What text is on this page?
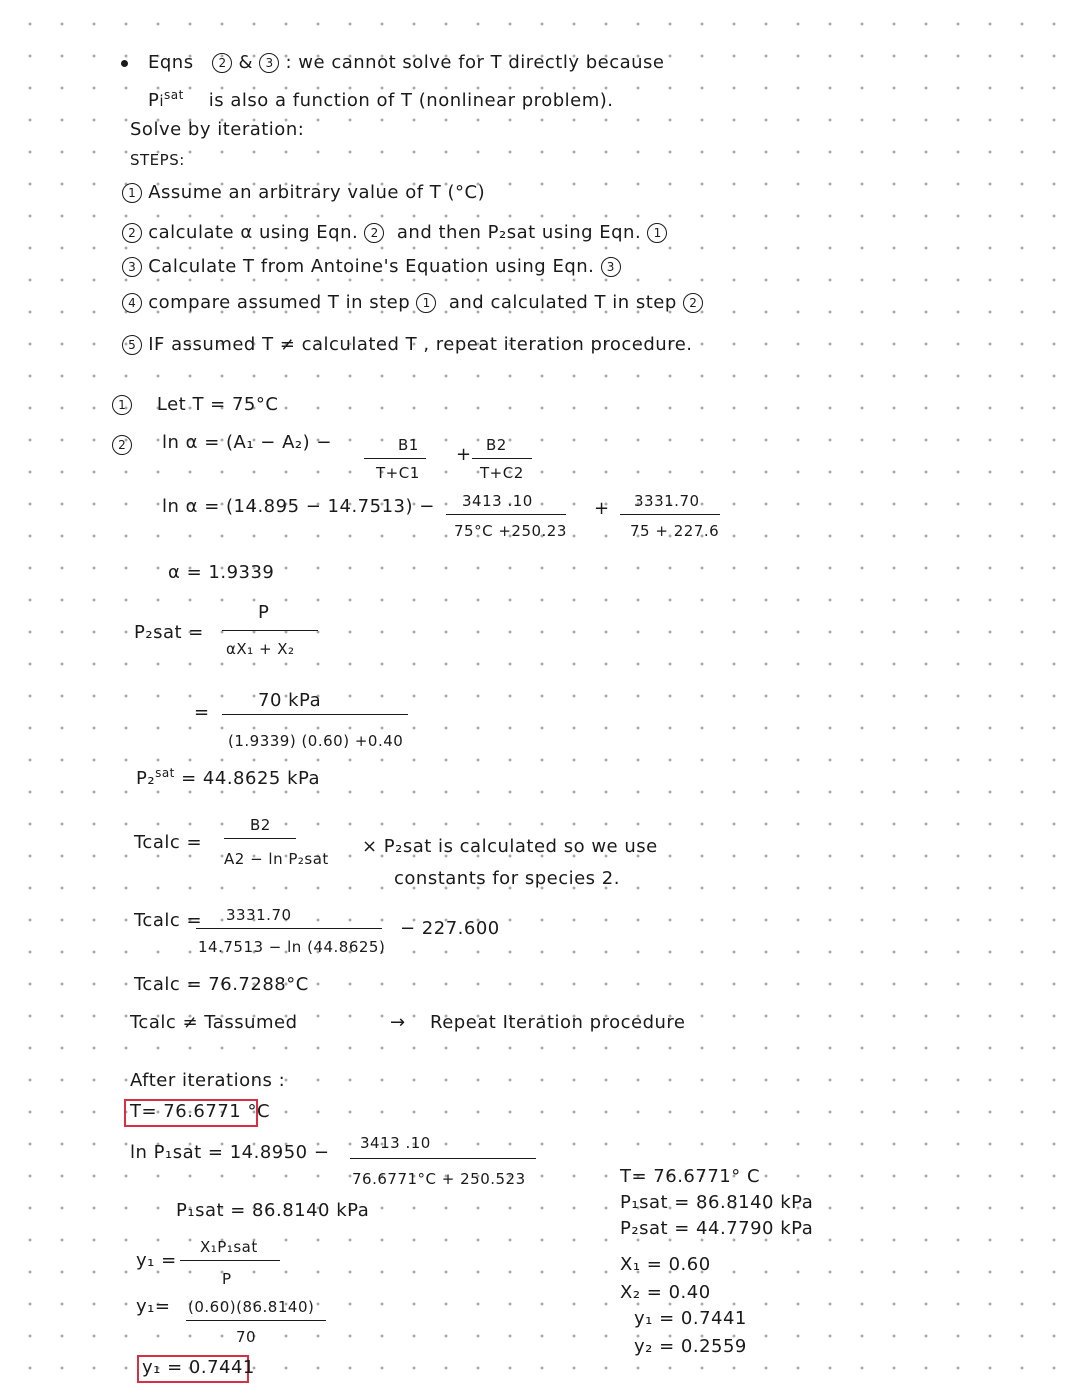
Eqns 2 & 3 : we cannot solve for T directly because
$Pi^{sat}$ is also a function of T (nonlinear problem).
Solve by iteration:
STEPS:
1 Assume an arbitrary value of T (°C)
2 calculate α using Eqn. 2 and then P₂sat using Eqn. 1
3 Calculate T from Antoine's Equation using Eqn. 3
4 compare assumed T in step 1 and calculated T in step 2
5 IF assumed T ≠ calculated T , repeat iteration procedure.
1 Let T = 75°C
2	ln α = (A₁ − A₂) −	B1
T+C1
+ B2
T+C2
ln α = (14.895 − 14.7513) − 3413 .10
75°C +250.23
+ 3331.70
75 + 227.6
α = 1.9339
P₂sat =
P
αX₁ + X₂
=
70 kPa
(1.9339) (0.60) +0.40
P₂$^{sat}$ = 44.8625 kPa
Tcalc =
B2
A2 − ln P₂sat
× P₂sat is calculated so we use
constants for species 2.
Tcalc = 3331.70
14.7513 − ln (44.8625)
− 227.600
Tcalc = 76.7288°C
Tcalc ≠ Tassumed	→ Repeat Iteration procedure
After iterations :
T= 76.6771 °C
ln P₁sat = 14.8950 − 3413 .10
76.6771°C + 250.523
P₁sat = 86.8140 kPa
y₁ =
X₁P₁sat
P
y₁= (0.60)(86.8140)
70
y₁ = 0.7441
T= 76.6771° C
P₁sat = 86.8140 kPa
P₂sat = 44.7790 kPa
X₁ = 0.60
X₂ = 0.40
y₁ = 0.7441
y₂ = 0.2559
